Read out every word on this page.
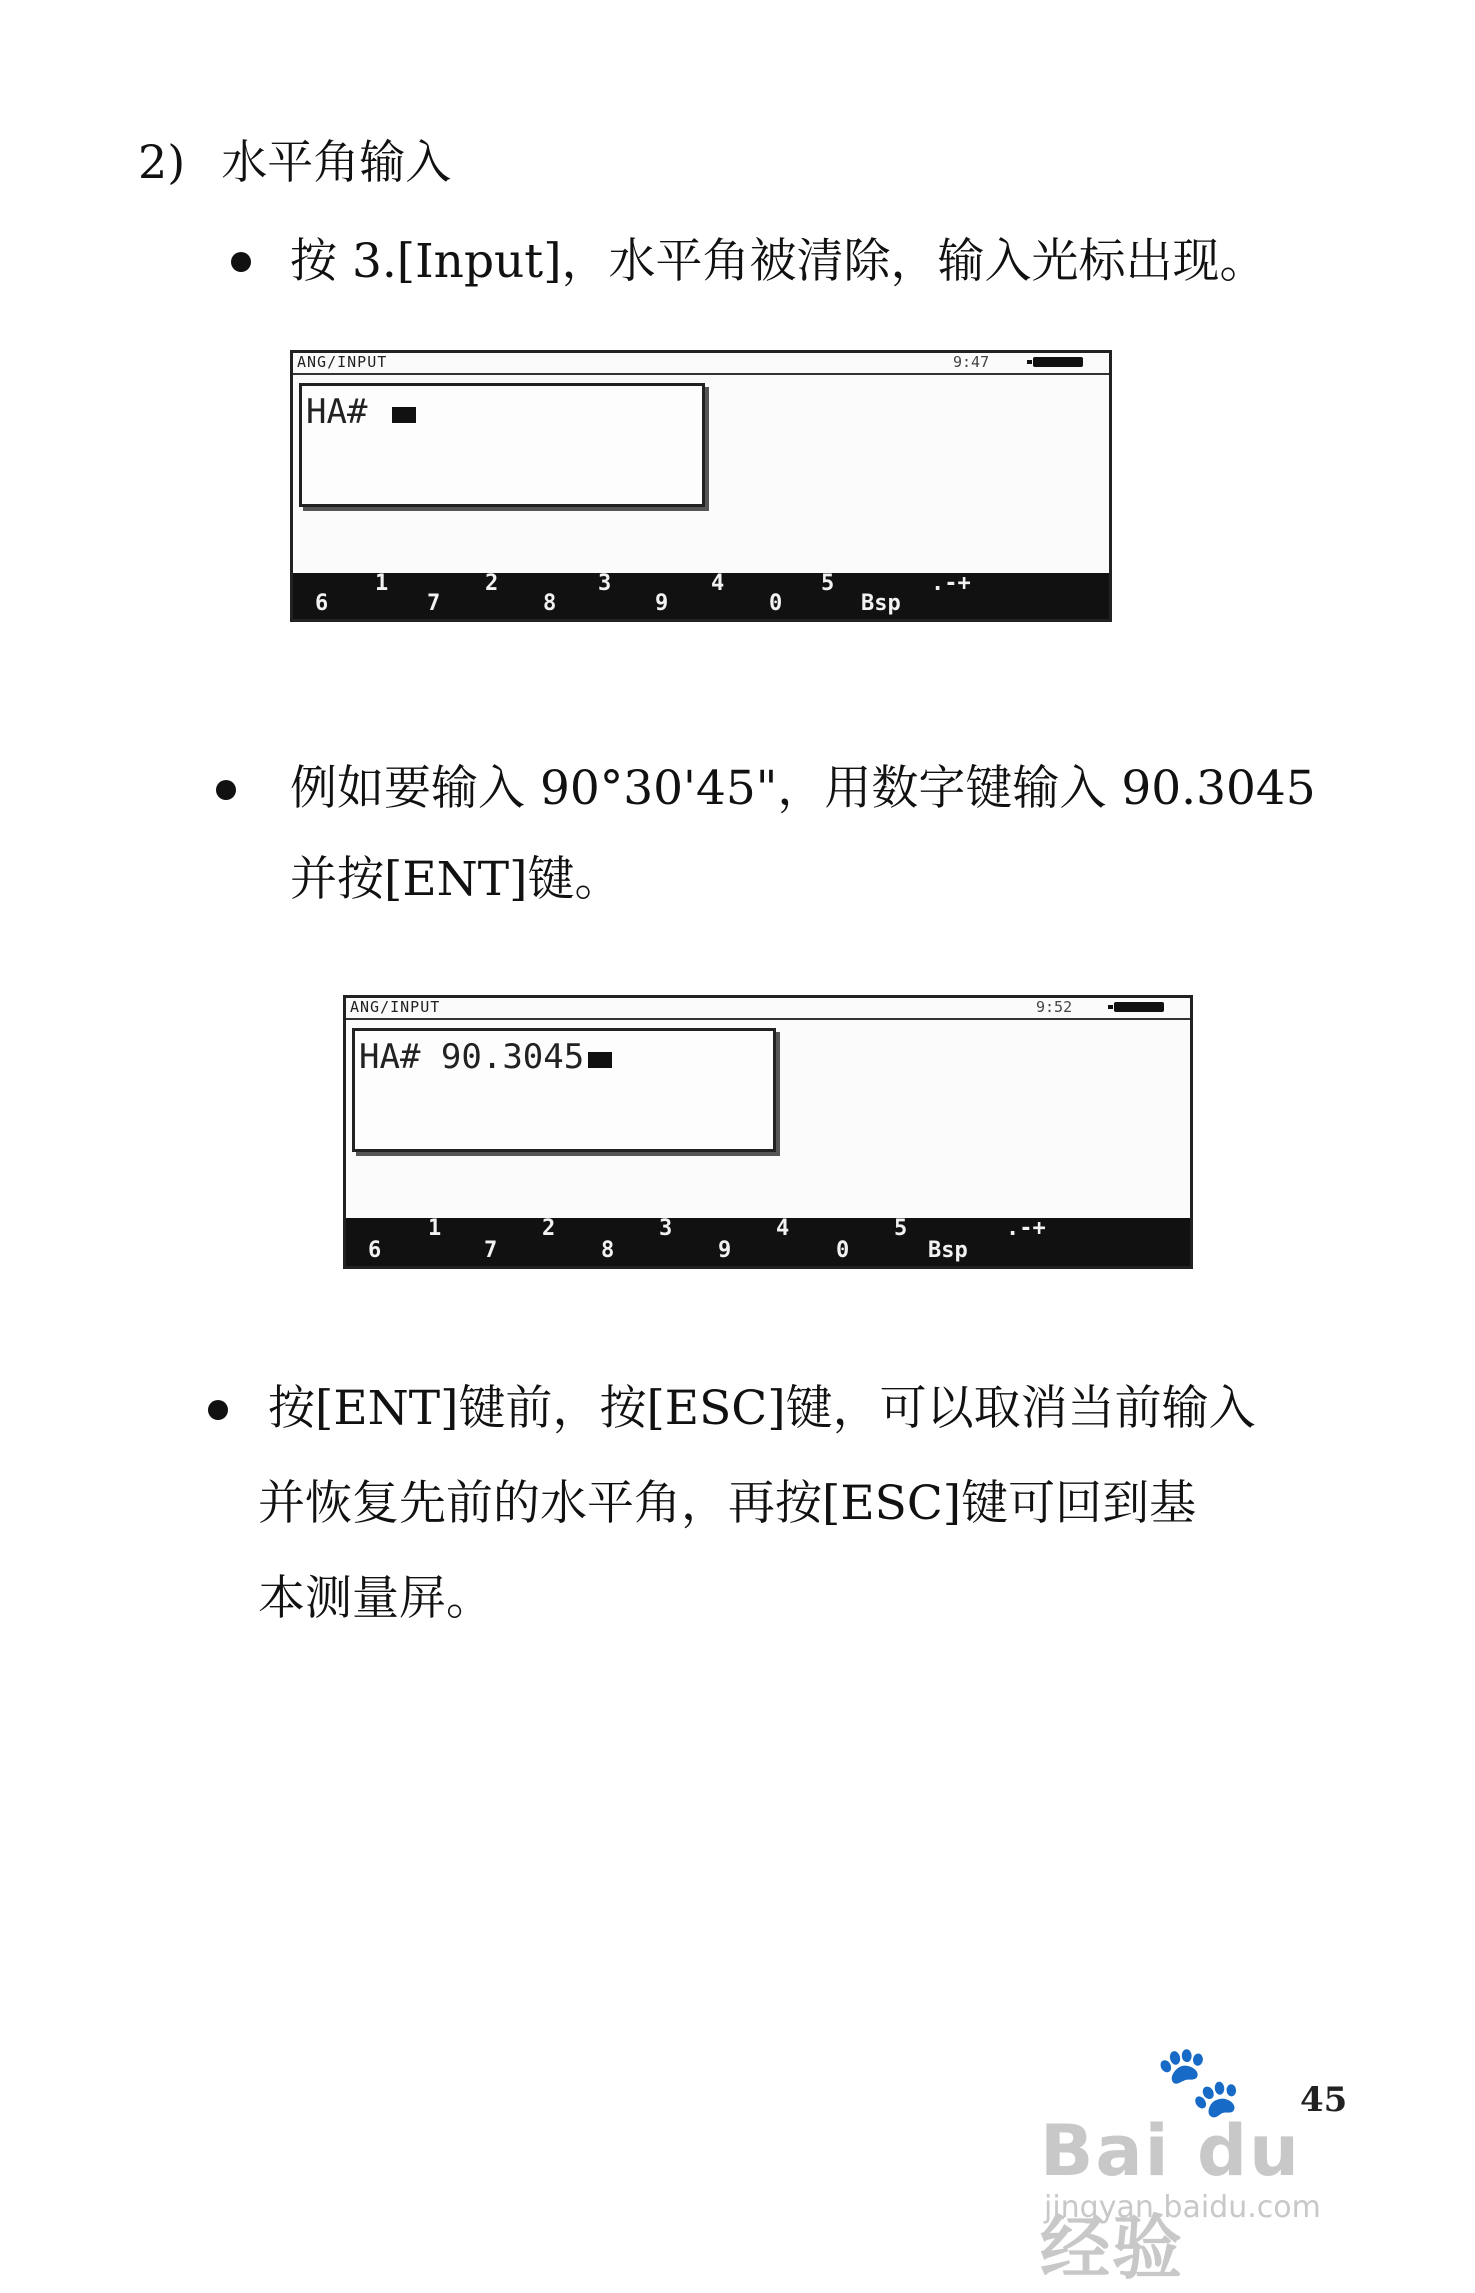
2) 水平角输入
按 3.[Input]，水平角被清除，输入光标出现。
ANG/INPUT	9:47
HA#
1	2	3	4	5	.-+
6	7	8	9	0	Bsp
例如要输入 90°30'45"，用数字键输入 90.3045
并按[ENT]键。
ANG/INPUT	9:52
HA# 90.3045
1	2	3	4	5	.-+
6	7	8	9	0	Bsp
按[ENT]键前，按[ESC]键，可以取消当前输入
并恢复先前的水平角，再按[ESC]键可回到基
本测量屏。
45
🐾
Bai du 经验
jingyan.baidu.com
